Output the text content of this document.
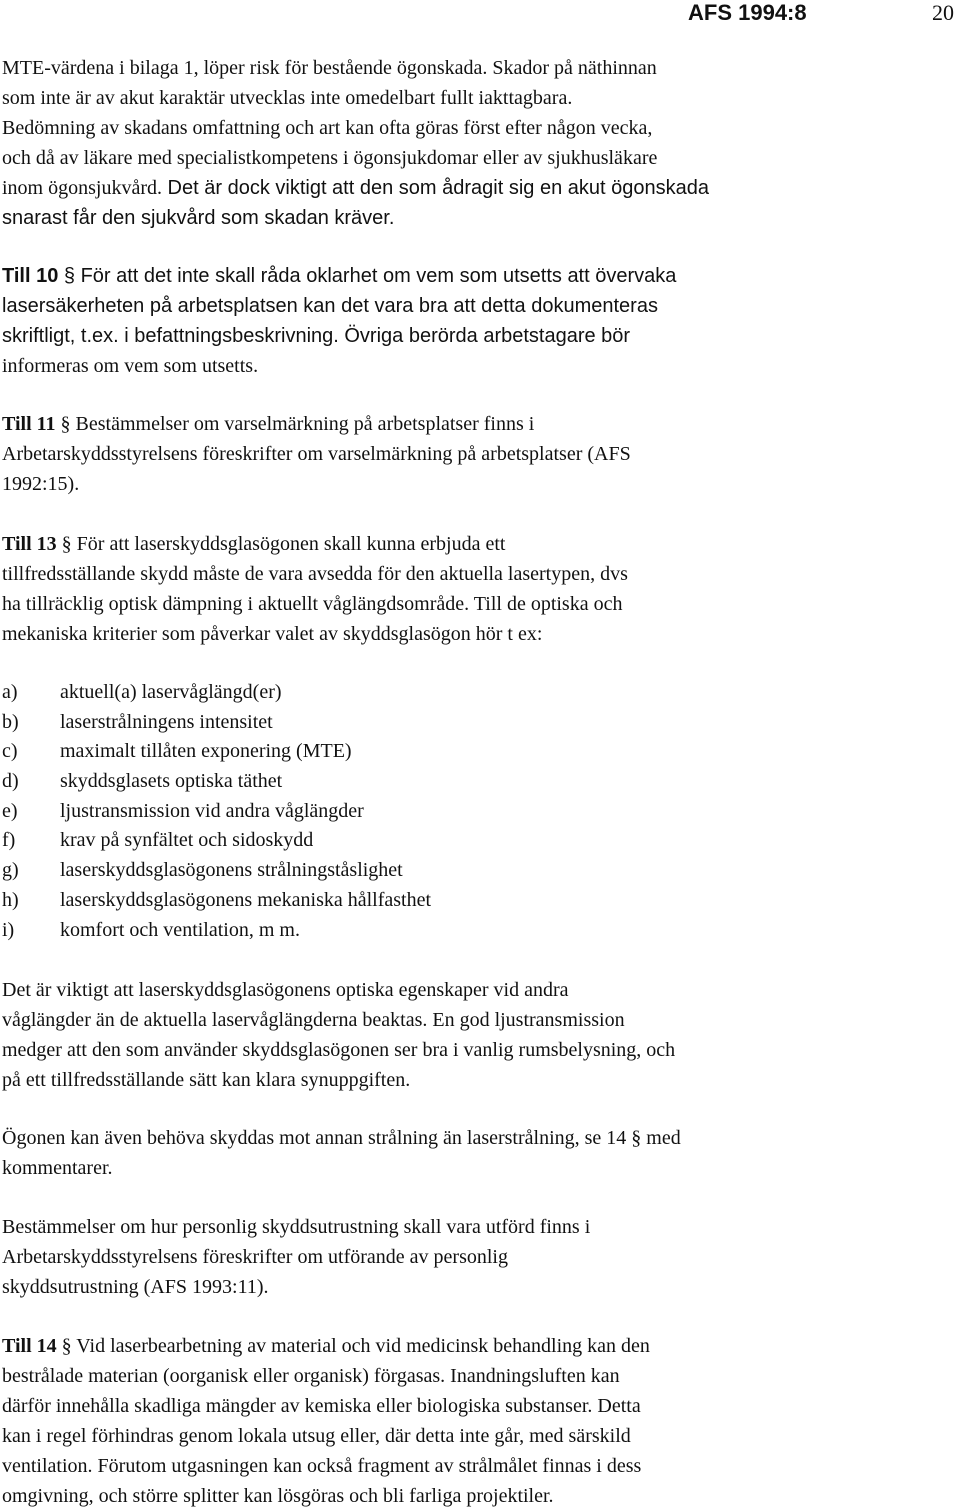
AFS 1994:8	20
MTE-värdena i bilaga 1, löper risk för bestående ögonskada. Skador på näthinnan
som inte är av akut karaktär utvecklas inte omedelbart fullt iakttagbara.
Bedömning av skadans omfattning och art kan ofta göras först efter någon vecka,
och då av läkare med specialistkompetens i ögonsjukdomar eller av sjukhusläkare
inom ögonsjukvård. Det är dock viktigt att den som ådragit sig en akut ögonskada
snarast får den sjukvård som skadan kräver.
Till 10 § För att det inte skall råda oklarhet om vem som utsetts att övervaka
lasersäkerheten på arbetsplatsen kan det vara bra att detta dokumenteras
skriftligt, t.ex. i befattningsbeskrivning. Övriga berörda arbetstagare bör
informeras om vem som utsetts.
Till 11 § Bestämmelser om varselmärkning på arbetsplatser finns i
Arbetarskyddsstyrelsens föreskrifter om varselmärkning på arbetsplatser (AFS
1992:15).
Till 13 § För att laserskyddsglasögonen skall kunna erbjuda ett
tillfredsställande skydd måste de vara avsedda för den aktuella lasertypen, dvs
ha tillräcklig optisk dämpning i aktuellt våglängdsområde. Till de optiska och
mekaniska kriterier som påverkar valet av skyddsglasögon hör t ex:
a) aktuell(a) laservåglängd(er)
b) laserstrålningens intensitet
c) maximalt tillåten exponering (MTE)
d) skyddsglasets optiska täthet
e) ljustransmission vid andra våglängder
f) krav på synfältet och sidoskydd
g) laserskyddsglasögonens strålningståslighet
h) laserskyddsglasögonens mekaniska hållfasthet
i) komfort och ventilation, m m.
Det är viktigt att laserskyddsglasögonens optiska egenskaper vid andra
våglängder än de aktuella laservåglängderna beaktas. En god ljustransmission
medger att den som använder skyddsglasögonen ser bra i vanlig rumsbelysning, och
på ett tillfredsställande sätt kan klara synuppgiften.
Ögonen kan även behöva skyddas mot annan strålning än laserstrålning, se 14 § med
kommentarer.
Bestämmelser om hur personlig skyddsutrustning skall vara utförd finns i
Arbetarskyddsstyrelsens föreskrifter om utförande av personlig
skyddsutrustning (AFS 1993:11).
Till 14 § Vid laserbearbetning av material och vid medicinsk behandling kan den
bestrålade materian (oorganisk eller organisk) förgasas. Inandningsluften kan
därför innehålla skadliga mängder av kemiska eller biologiska substanser. Detta
kan i regel förhindras genom lokala utsug eller, där detta inte går, med särskild
ventilation. Förutom utgasningen kan också fragment av strålmålet finnas i dess
omgivning, och större splitter kan lösgöras och bli farliga projektiler.
